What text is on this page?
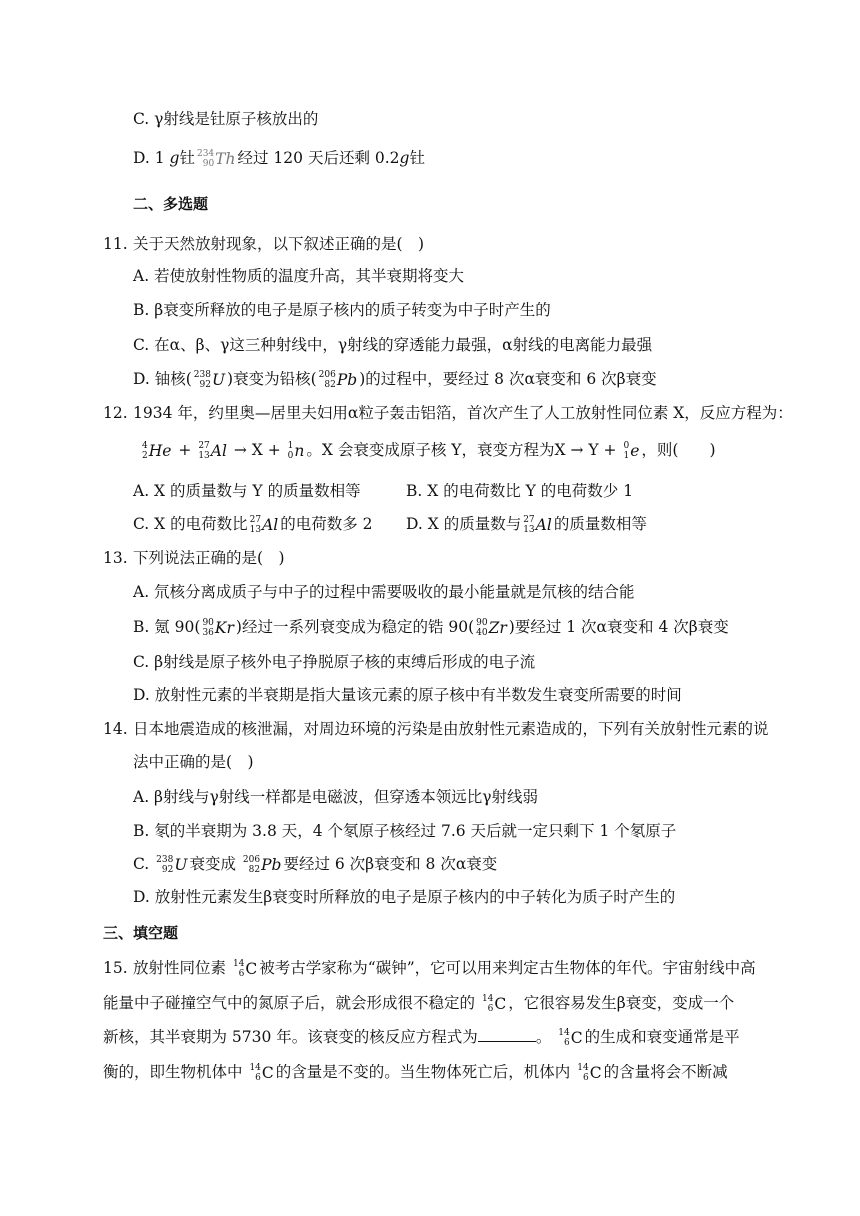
C. γ射线是钍原子核放出的
D. 1 g钍 234
90 Th 经过 120 天后还剩 0.2g钍
二、多选题
11. 关于天然放射现象，以下叙述正确的是(　)
A. 若使放射性物质的温度升高，其半衰期将变大
B. β衰变所释放的电子是原子核内的质子转变为中子时产生的
C. 在α、β、γ这三种射线中，γ射线的穿透能力最强，α射线的电离能力最强
D. 铀核( 238
92 U )衰变为铅核( 206
82 Pb )的过程中，要经过 8 次α衰变和 6 次β衰变
12. 1934 年，约里奥—居里夫妇用α粒子轰击铝箔，首次产生了人工放射性同位素 X，反应方程为：
4
2 He + 27
13 Al → X + 1
0 n 。X 会衰变成原子核 Y，衰变方程为X → Y + 0
1 e ，则(　　)
A. X 的质量数与 Y 的质量数相等	B. X 的电荷数比 Y 的电荷数少 1
C. X 的电荷数比 27
13 Al 的电荷数多 2 D. X 的质量数与 27
13 Al 的质量数相等
13. 下列说法正确的是(　)
A. 氘核分离成质子与中子的过程中需要吸收的最小能量就是氘核的结合能
B. 氪 90( 90
36 Kr )经过一系列衰变成为稳定的锆 90( 90
40 Zr )要经过 1 次α衰变和 4 次β衰变
C. β射线是原子核外电子挣脱原子核的束缚后形成的电子流
D. 放射性元素的半衰期是指大量该元素的原子核中有半数发生衰变所需要的时间
14. 日本地震造成的核泄漏，对周边环境的污染是由放射性元素造成的，下列有关放射性元素的说
法中正确的是(　)
A. β射线与γ射线一样都是电磁波，但穿透本领远比γ射线弱
B. 氡的半衰期为 3.8 天，4 个氡原子核经过 7.6 天后就一定只剩下 1 个氡原子
C. 238
92 U 衰变成 206
82 Pb 要经过 6 次β衰变和 8 次α衰变
D. 放射性元素发生β衰变时所释放的电子是原子核内的中子转化为质子时产生的
三、填空题
15. 放射性同位素 14
6 C 被考古学家称为“碳钟”，它可以用来判定古生物体的年代。宇宙射线中高
能量中子碰撞空气中的氮原子后，就会形成很不稳定的 14
6 C ，它很容易发生β衰变，变成一个
新核，其半衰期为 5730 年。该衰变的核反应方程式为	。 14
6 C 的生成和衰变通常是平
衡的，即生物机体中 14
6 C 的含量是不变的。当生物体死亡后，机体内 14
6 C 的含量将会不断减
